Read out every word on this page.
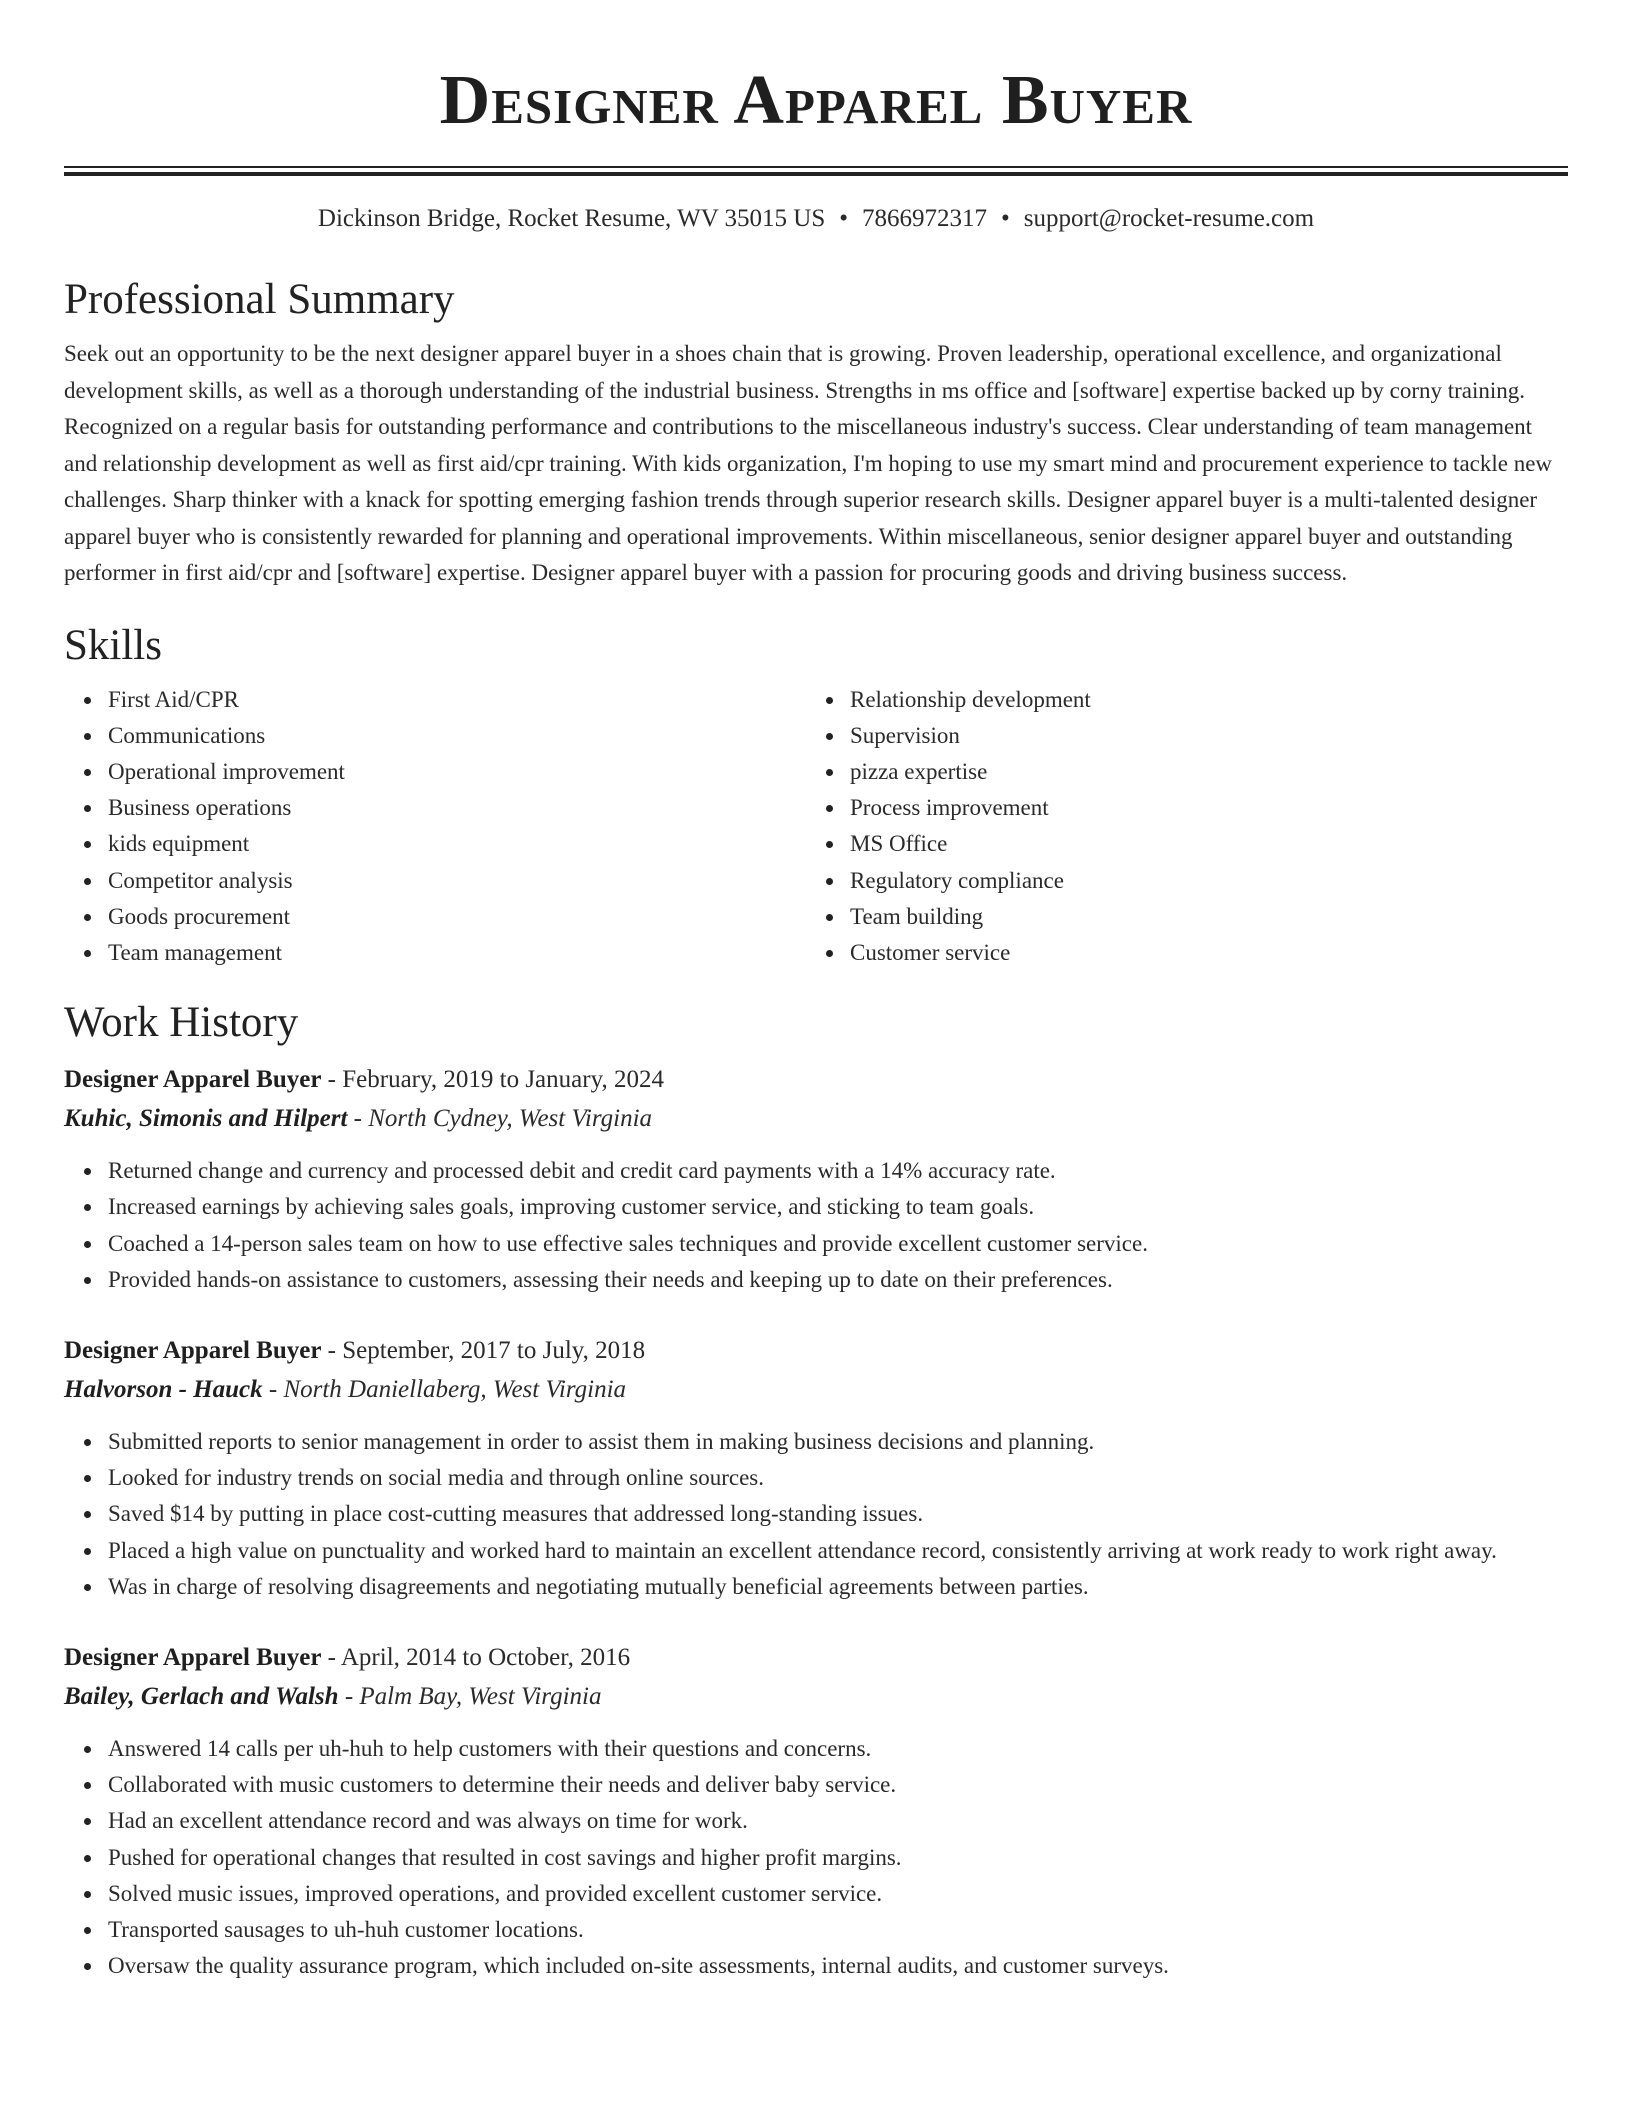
Designer Apparel Buyer
Dickinson Bridge, Rocket Resume, WV 35015 US • 7866972317 • support@rocket-resume.com
Professional Summary

Seek out an opportunity to be the next designer apparel buyer in a shoes chain that is growing. Proven leadership, operational excellence, and organizational development skills, as well as a thorough understanding of the industrial business. Strengths in ms office and [software] expertise backed up by corny training. Recognized on a regular basis for outstanding performance and contributions to the miscellaneous industry's success. Clear understanding of team management and relationship development as well as first aid/cpr training. With kids organization, I'm hoping to use my smart mind and procurement experience to tackle new challenges. Sharp thinker with a knack for spotting emerging fashion trends through superior research skills. Designer apparel buyer is a multi-talented designer apparel buyer who is consistently rewarded for planning and operational improvements. Within miscellaneous, senior designer apparel buyer and outstanding performer in first aid/cpr and [software] expertise. Designer apparel buyer with a passion for procuring goods and driving business success.

Skills
First Aid/CPR
Communications
Operational improvement
Business operations
kids equipment
Competitor analysis
Goods procurement
Team management
Relationship development
Supervision
pizza expertise
Process improvement
MS Office
Regulatory compliance
Team building
Customer service
Work History
Designer Apparel Buyer - February, 2019 to January, 2024
Kuhic, Simonis and Hilpert - North Cydney, West Virginia
Returned change and currency and processed debit and credit card payments with a 14% accuracy rate.
Increased earnings by achieving sales goals, improving customer service, and sticking to team goals.
Coached a 14-person sales team on how to use effective sales techniques and provide excellent customer service.
Provided hands-on assistance to customers, assessing their needs and keeping up to date on their preferences.
Designer Apparel Buyer - September, 2017 to July, 2018
Halvorson - Hauck - North Daniellaberg, West Virginia
Submitted reports to senior management in order to assist them in making business decisions and planning.
Looked for industry trends on social media and through online sources.
Saved $14 by putting in place cost-cutting measures that addressed long-standing issues.
Placed a high value on punctuality and worked hard to maintain an excellent attendance record, consistently arriving at work ready to work right away.
Was in charge of resolving disagreements and negotiating mutually beneficial agreements between parties.
Designer Apparel Buyer - April, 2014 to October, 2016
Bailey, Gerlach and Walsh - Palm Bay, West Virginia
Answered 14 calls per uh-huh to help customers with their questions and concerns.
Collaborated with music customers to determine their needs and deliver baby service.
Had an excellent attendance record and was always on time for work.
Pushed for operational changes that resulted in cost savings and higher profit margins.
Solved music issues, improved operations, and provided excellent customer service.
Transported sausages to uh-huh customer locations.
Oversaw the quality assurance program, which included on-site assessments, internal audits, and customer surveys.
